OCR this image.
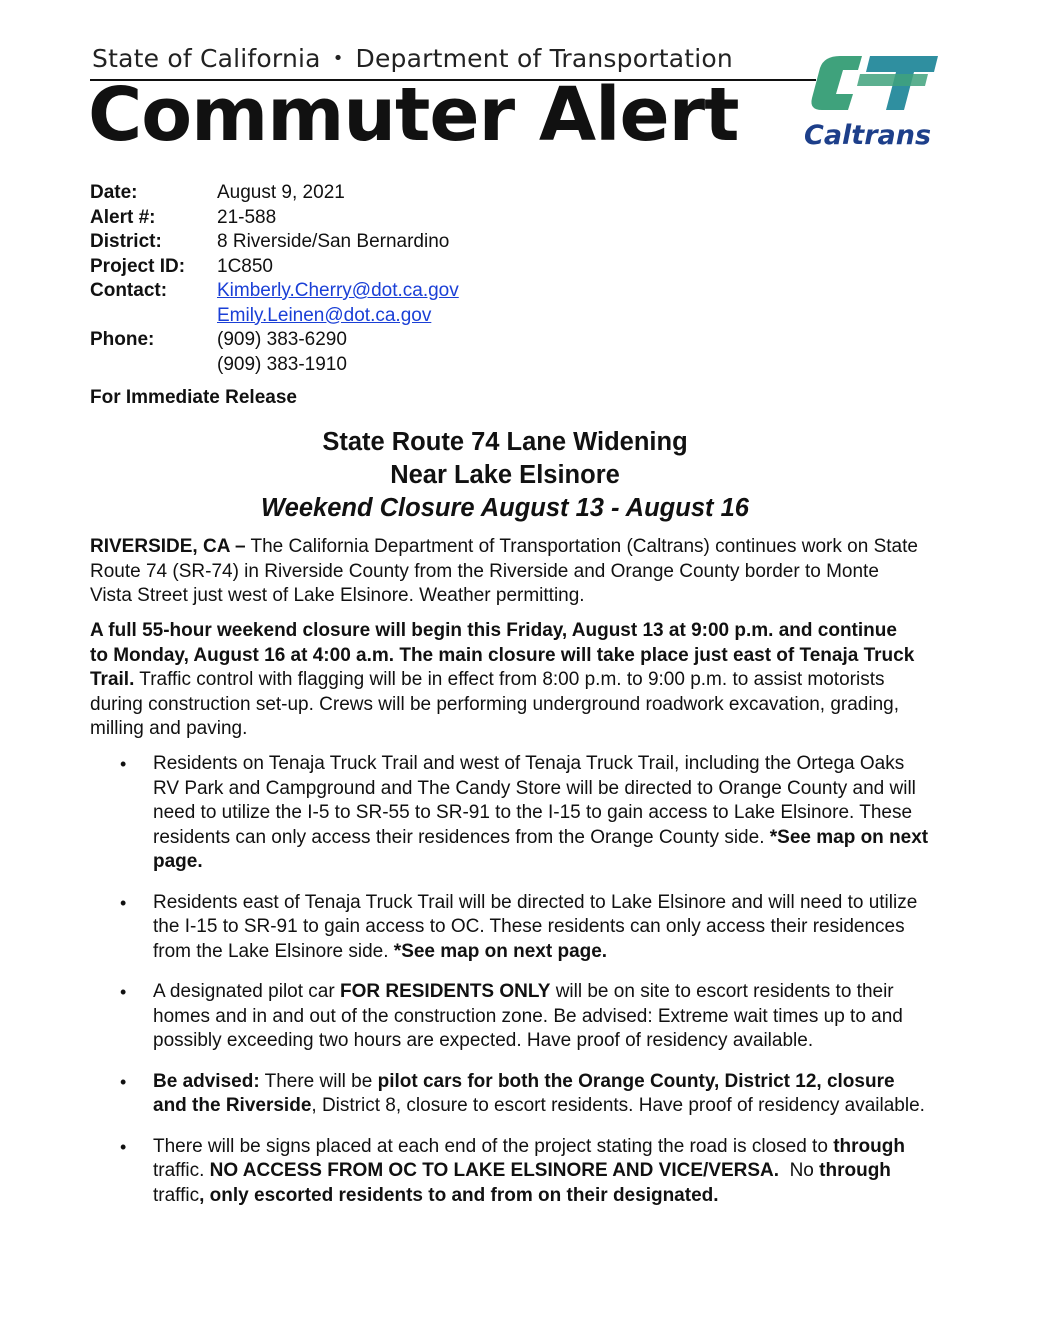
State of California • Department of Transportation
Commuter Alert Caltrans
Date:	August 9, 2021
Alert #:	21-588
District:	8 Riverside/San Bernardino
Project ID:	1C850
Contact:	Kimberly.Cherry@dot.ca.gov
Emily.Leinen@dot.ca.gov
Phone:	(909) 383-6290
(909) 383-1910
For Immediate Release
State Route 74 Lane Widening
Near Lake Elsinore
Weekend Closure August 13 - August 16
RIVERSIDE, CA – The California Department of Transportation (Caltrans) continues work on State Route 74 (SR-74) in Riverside County from the Riverside and Orange County border to Monte Vista Street just west of Lake Elsinore. Weather permitting.
A full 55-hour weekend closure will begin this Friday, August 13 at 9:00 p.m. and continue to Monday, August 16 at 4:00 a.m. The main closure will take place just east of Tenaja Truck Trail. Traffic control with flagging will be in effect from 8:00 p.m. to 9:00 p.m. to assist motorists during construction set-up. Crews will be performing underground roadwork excavation, grading, milling and paving.
• Residents on Tenaja Truck Trail and west of Tenaja Truck Trail, including the Ortega Oaks RV Park and Campground and The Candy Store will be directed to Orange County and will need to utilize the I-5 to SR-55 to SR-91 to the I-15 to gain access to Lake Elsinore. These residents can only access their residences from the Orange County side. *See map on next page.
• Residents east of Tenaja Truck Trail will be directed to Lake Elsinore and will need to utilize the I-15 to SR-91 to gain access to OC. These residents can only access their residences from the Lake Elsinore side. *See map on next page.
• A designated pilot car FOR RESIDENTS ONLY will be on site to escort residents to their homes and in and out of the construction zone. Be advised: Extreme wait times up to and possibly exceeding two hours are expected. Have proof of residency available.
• Be advised: There will be pilot cars for both the Orange County, District 12, closure and the Riverside, District 8, closure to escort residents. Have proof of residency available.
• There will be signs placed at each end of the project stating the road is closed to through traffic. NO ACCESS FROM OC TO LAKE ELSINORE AND VICE/VERSA.  No through traffic, only escorted residents to and from on their designated.
